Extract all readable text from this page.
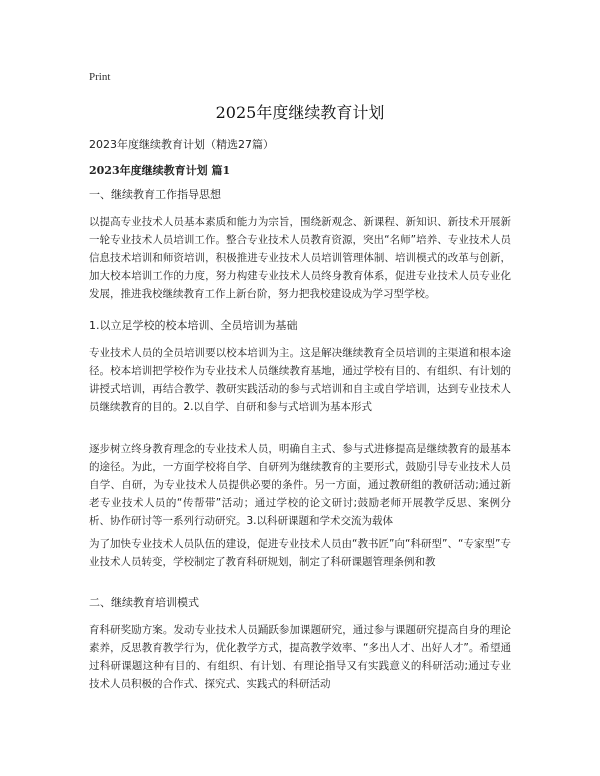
Print
2025年度继续教育计划

2023年度继续教育计划（精选27篇）

2023年度继续教育计划 篇1

一、继续教育工作指导思想

以提高专业技术人员基本素质和能力为宗旨，围绕新观念、新课程、新知识、新技术开展新一轮专业技术人员培训工作。整合专业技术人员教育资源，突出“名师”培养、专业技术人员信息技术培训和师资培训，积极推进专业技术人员培训管理体制、培训模式的改革与创新，加大校本培训工作的力度，努力构建专业技术人员终身教育体系，促进专业技术人员专业化发展，推进我校继续教育工作上新台阶，努力把我校建设成为学习型学校。

1.以立足学校的校本培训、全员培训为基础

专业技术人员的全员培训要以校本培训为主。这是解决继续教育全员培训的主渠道和根本途径。校本培训把学校作为专业技术人员继续教育基地，通过学校有目的、有组织、有计划的讲授式培训，再结合教学、教研实践活动的参与式培训和自主或自学培训，达到专业技术人员继续教育的目的。2.以自学、自研和参与式培训为基本形式

逐步树立终身教育理念的专业技术人员，明确自主式、参与式进修提高是继续教育的最基本的途径。为此，一方面学校将自学、自研列为继续教育的主要形式，鼓励引导专业技术人员自学、自研，为专业技术人员提供必要的条件。另一方面，通过教研组的教研活动;通过新老专业技术人员的“传帮带”活动；通过学校的论文研讨;鼓励老师开展教学反思、案例分析、协作研讨等一系列行动研究。3.以科研课题和学术交流为载体

为了加快专业技术人员队伍的建设，促进专业技术人员由“教书匠”向“科研型”、“专家型”专业技术人员转变，学校制定了教育科研规划，制定了科研课题管理条例和教

二、继续教育培训模式

育科研奖励方案。发动专业技术人员踊跃参加课题研究，通过参与课题研究提高自身的理论素养，反思教育教学行为，优化教学方式，提高教学效率、“多出人才、出好人才”。希望通过科研课题这种有目的、有组织、有计划、有理论指导又有实践意义的科研活动;通过专业技术人员积极的合作式、探究式、实践式的科研活动
